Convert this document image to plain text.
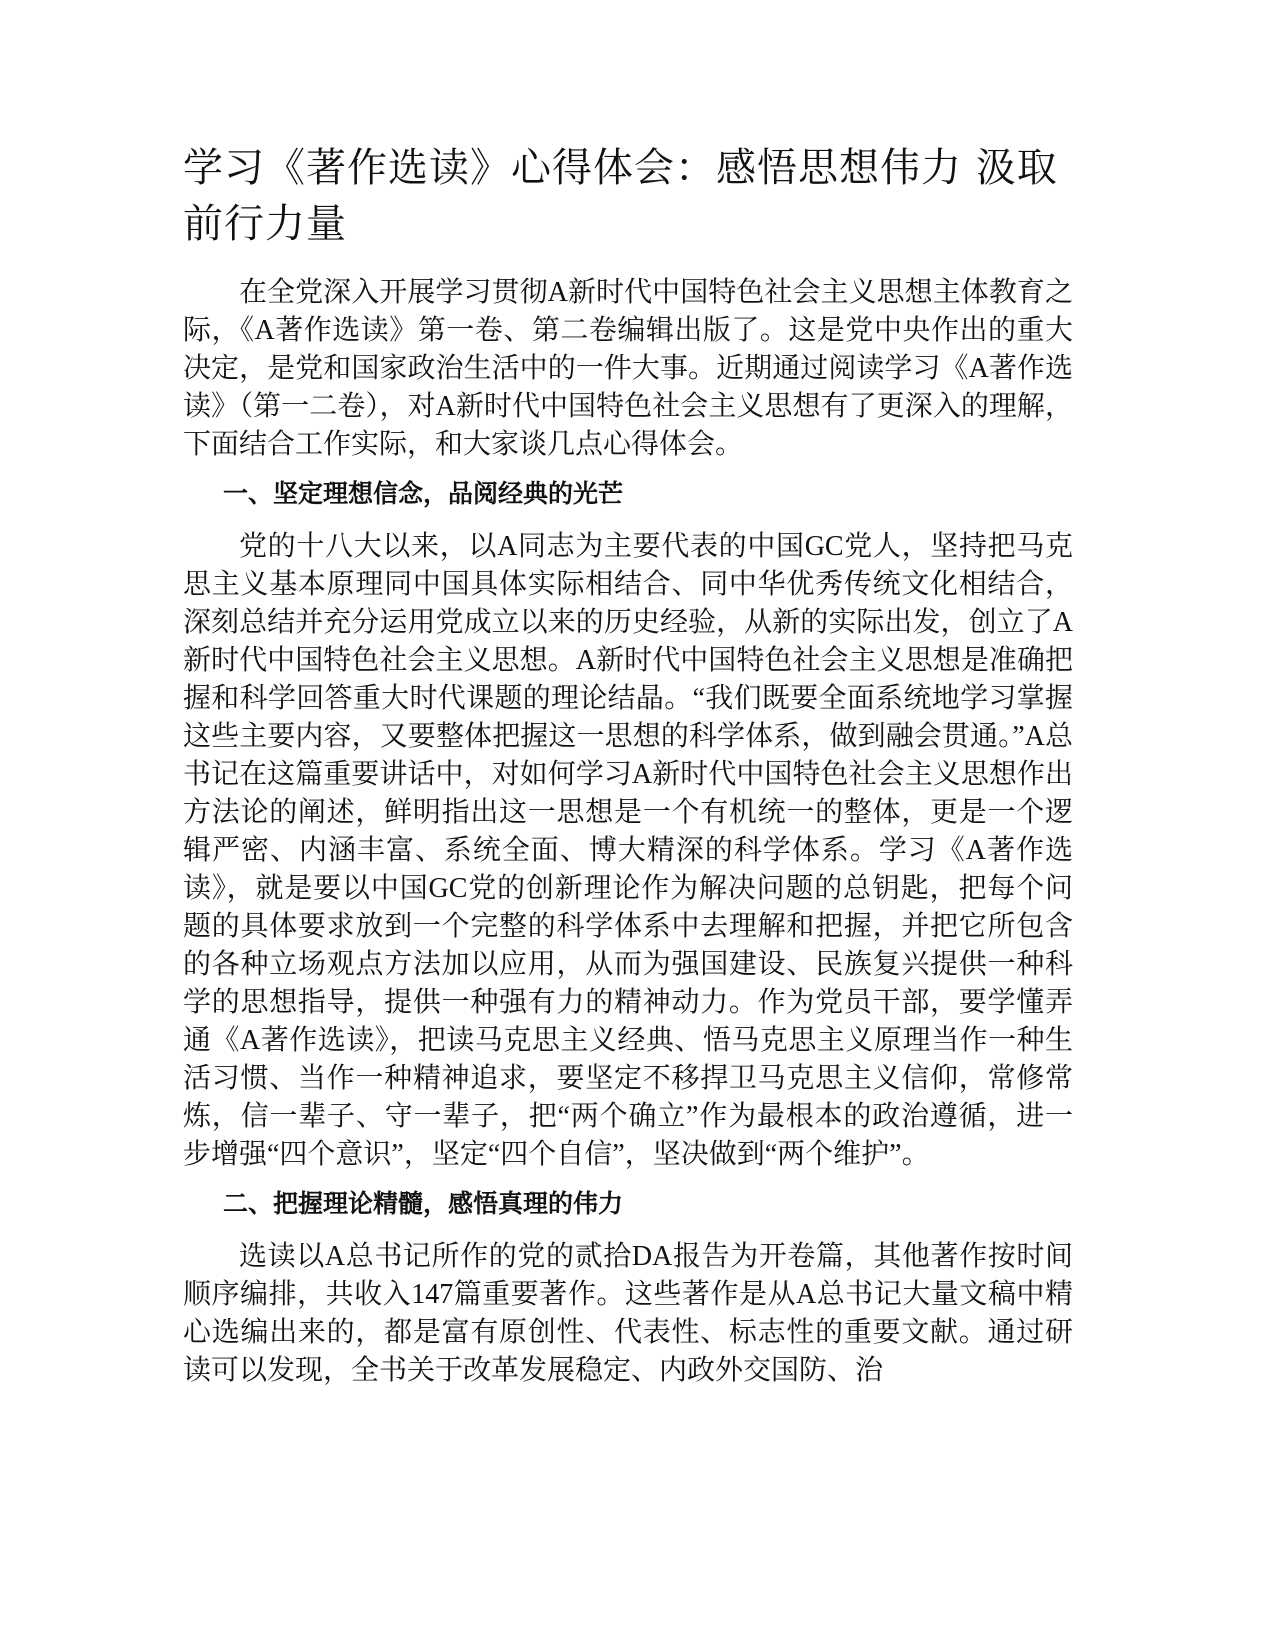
学习《著作选读》心得体会：感悟思想伟力 汲取前行力量

在全党深入开展学习贯彻A新时代中国特色社会主义思想主体教育之际，《A著作选读》第一卷、第二卷编辑出版了。这是党中央作出的重大决定，是党和国家政治生活中的一件大事。近期通过阅读学习《A著作选读》（第一二卷），对A新时代中国特色社会主义思想有了更深入的理解，下面结合工作实际，和大家谈几点心得体会。

一、坚定理想信念，品阅经典的光芒

党的十八大以来，以A同志为主要代表的中国GC党人，坚持把马克思主义基本原理同中国具体实际相结合、同中华优秀传统文化相结合，深刻总结并充分运用党成立以来的历史经验，从新的实际出发，创立了A新时代中国特色社会主义思想。A新时代中国特色社会主义思想是准确把握和科学回答重大时代课题的理论结晶。“我们既要全面系统地学习掌握这些主要内容，又要整体把握这一思想的科学体系，做到融会贯通。”A总书记在这篇重要讲话中，对如何学习A新时代中国特色社会主义思想作出方法论的阐述，鲜明指出这一思想是一个有机统一的整体，更是一个逻辑严密、内涵丰富、系统全面、博大精深的科学体系。学习《A著作选读》，就是要以中国GC党的创新理论作为解决问题的总钥匙，把每个问题的具体要求放到一个完整的科学体系中去理解和把握，并把它所包含的各种立场观点方法加以应用，从而为强国建设、民族复兴提供一种科学的思想指导，提供一种强有力的精神动力。作为党员干部，要学懂弄通《A著作选读》，把读马克思主义经典、悟马克思主义原理当作一种生活习惯、当作一种精神追求，要坚定不移捍卫马克思主义信仰，常修常炼，信一辈子、守一辈子，把“两个确立”作为最根本的政治遵循，进一步增强“四个意识”，坚定“四个自信”，坚决做到“两个维护”。

二、把握理论精髓，感悟真理的伟力

选读以A总书记所作的党的贰拾DA报告为开卷篇，其他著作按时间顺序编排，共收入147篇重要著作。这些著作是从A总书记大量文稿中精心选编出来的，都是富有原创性、代表性、标志性的重要文献。通过研读可以发现，全书关于改革发展稳定、内政外交国防、治
